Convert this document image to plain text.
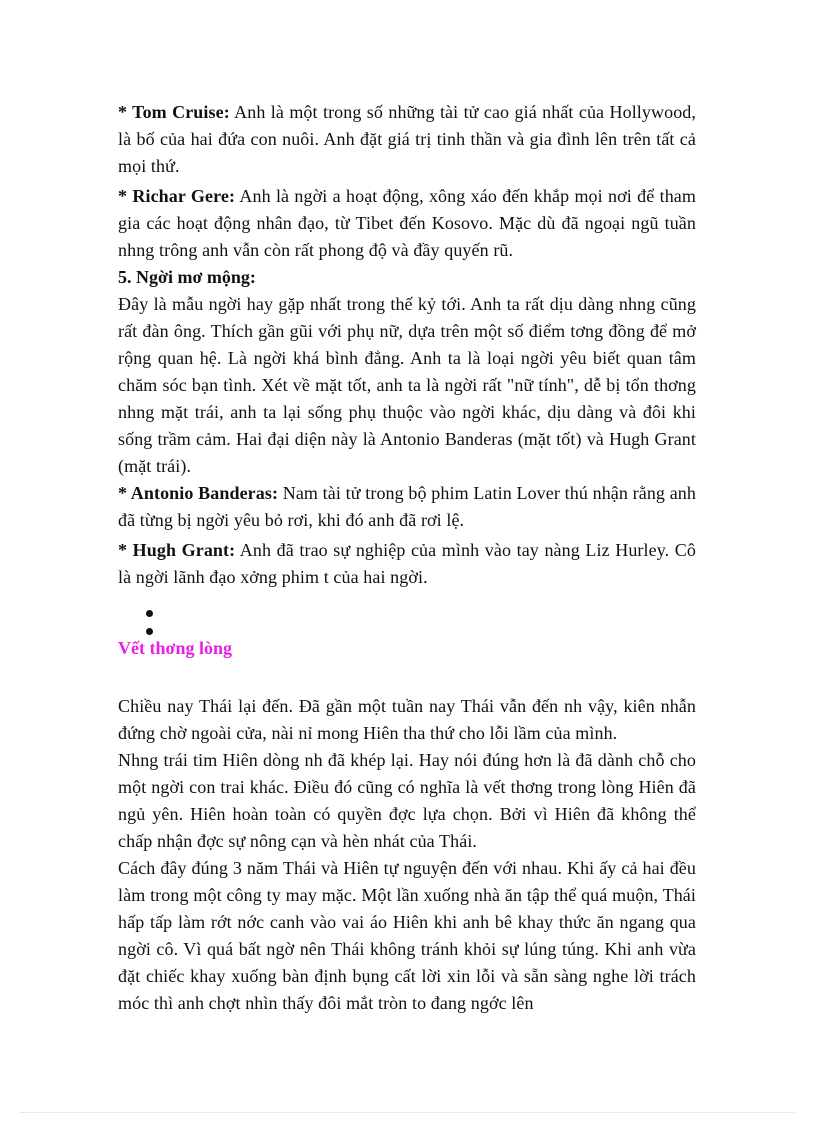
* Tom Cruise: Anh là một trong số những tài tử cao giá nhất của Hollywood, là bố của hai đứa con nuôi. Anh đặt giá trị tinh thần và gia đình lên trên tất cả mọi thứ.

* Richar Gere: Anh là ngời a hoạt động, xông xáo đến khắp mọi nơi để tham gia các hoạt động nhân đạo, từ Tibet đến Kosovo. Mặc dù đã ngoại ngũ tuần nhng trông anh vẫn còn rất phong độ và đầy quyến rũ.

5. Ngời mơ mộng:

Đây là mẫu ngời hay gặp nhất trong thế kỷ tới. Anh ta rất dịu dàng nhng cũng rất đàn ông. Thích gần gũi với phụ nữ, dựa trên một số điểm tơng đồng để mở rộng quan hệ. Là ngời khá bình đẳng. Anh ta là loại ngời yêu biết quan tâm chăm sóc bạn tình. Xét về mặt tốt, anh ta là ngời rất "nữ tính", dễ bị tổn thơng nhng mặt trái, anh ta lại sống phụ thuộc vào ngời khác, dịu dàng và đôi khi sống trầm cảm. Hai đại diện này là Antonio Banderas (mặt tốt) và Hugh Grant (mặt trái).

* Antonio Banderas: Nam tài tử trong bộ phim Latin Lover thú nhận rằng anh đã từng bị ngời yêu bỏ rơi, khi đó anh đã rơi lệ.

* Hugh Grant: Anh đã trao sự nghiệp của mình vào tay nàng Liz Hurley. Cô là ngời lãnh đạo xởng phim t của hai ngời.

Vết thơng lòng

Chiều nay Thái lại đến. Đã gần một tuần nay Thái vẫn đến nh vậy, kiên nhẫn đứng chờ ngoài cửa, nài nỉ mong Hiên tha thứ cho lỗi lầm của mình.

Nhng trái tim Hiên dòng nh đã khép lại. Hay nói đúng hơn là đã dành chỗ cho một ngời con trai khác. Điều đó cũng có nghĩa là vết thơng trong lòng Hiên đã ngủ yên. Hiên hoàn toàn có quyền đợc lựa chọn. Bởi vì Hiên đã không thể chấp nhận đợc sự nông cạn và hèn nhát của Thái.

Cách đây đúng 3 năm Thái và Hiên tự nguyện đến với nhau. Khi ấy cả hai đều làm trong một công ty may mặc. Một lần xuống nhà ăn tập thể quá muộn, Thái hấp tấp làm rớt nớc canh vào vai áo Hiên khi anh bê khay thức ăn ngang qua ngời cô. Vì quá bất ngờ nên Thái không tránh khỏi sự lúng túng. Khi anh vừa đặt chiếc khay xuống bàn định bụng cất lời xin lỗi và sẵn sàng nghe lời trách móc thì anh chợt nhìn thấy đôi mắt tròn to đang ngớc lên
